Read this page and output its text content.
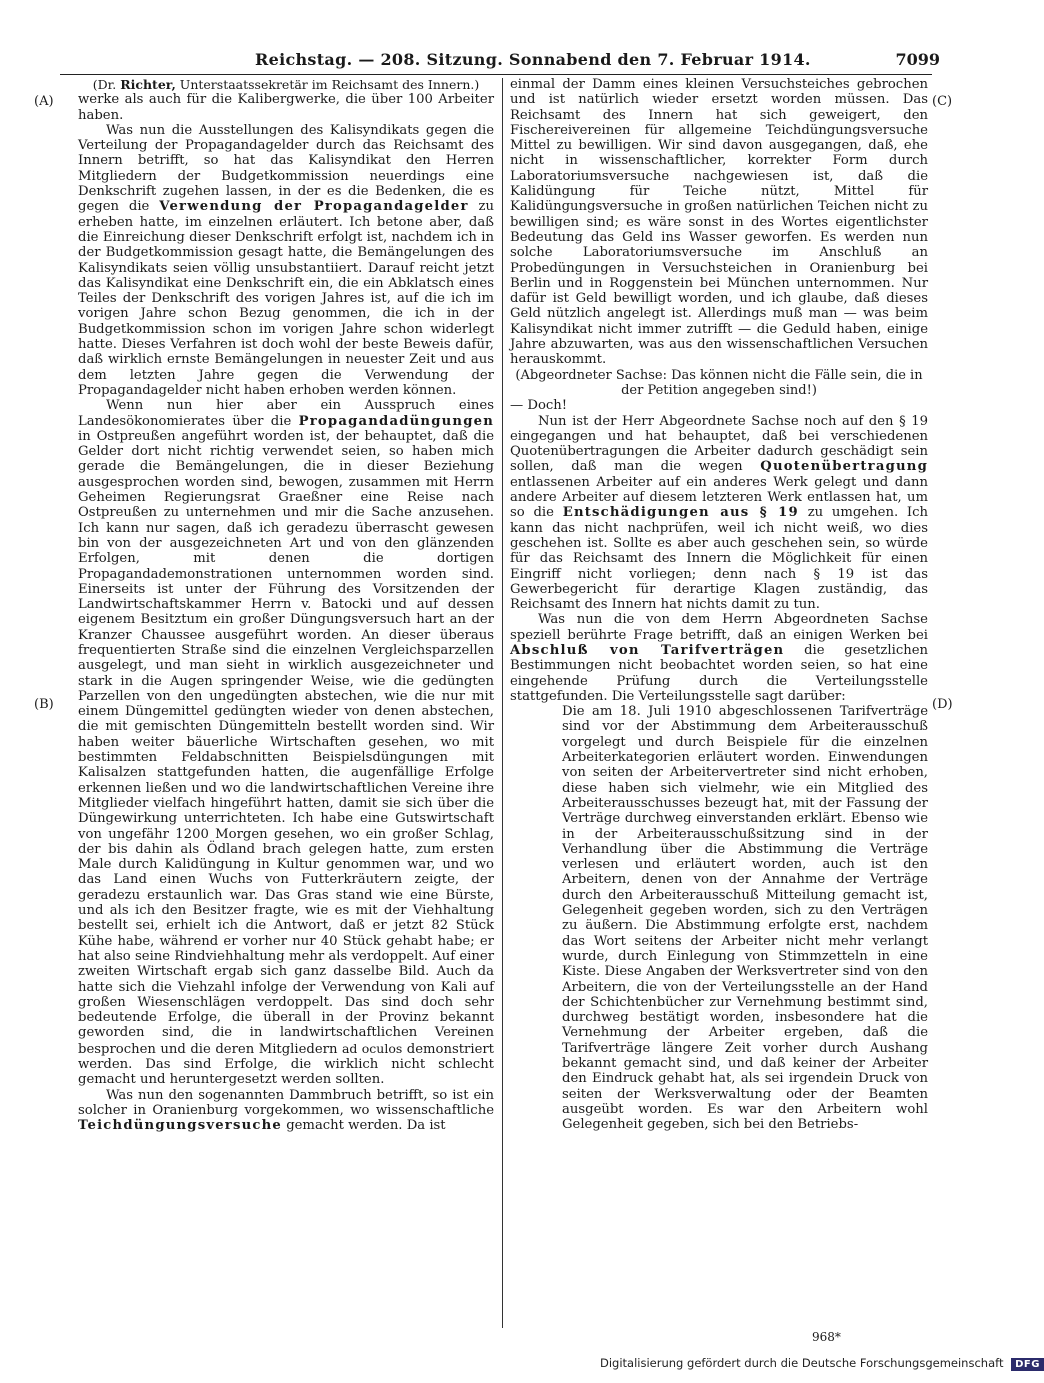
Reichstag. — 208. Sitzung. Sonnabend den 7. Februar 1914.	7099
(A)
(B)
(C)
(D)

(Dr. Richter, Unterstaatssekretär im Reichsamt des Innern.)

werke als auch für die Kalibergwerke, die über 100 Arbeiter haben.

Was nun die Ausstellungen des Kalisyndikats gegen die Verteilung der Propagandagelder durch das Reichsamt des Innern betrifft, so hat das Kalisyndikat den Herren Mitgliedern der Budgetkommission neuerdings eine Denkschrift zugehen lassen, in der es die Bedenken, die es gegen die Verwendung der Propagandagelder zu erheben hatte, im einzelnen erläutert. Ich betone aber, daß die Einreichung dieser Denkschrift erfolgt ist, nachdem ich in der Budgetkommission gesagt hatte, die Bemängelungen des Kalisyndikats seien völlig unsubstantiiert. Darauf reicht jetzt das Kalisyndikat eine Denkschrift ein, die ein Abklatsch eines Teiles der Denkschrift des vorigen Jahres ist, auf die ich im vorigen Jahre schon Bezug genommen, die ich in der Budgetkommission schon im vorigen Jahre schon widerlegt hatte. Dieses Verfahren ist doch wohl der beste Beweis dafür, daß wirklich ernste Bemängelungen in neuester Zeit und aus dem letzten Jahre gegen die Verwendung der Propagandagelder nicht haben erhoben werden können.

Wenn nun hier aber ein Ausspruch eines Landesökonomierates über die Propagandadüngungen in Ostpreußen angeführt worden ist, der behauptet, daß die Gelder dort nicht richtig verwendet seien, so haben mich gerade die Bemängelungen, die in dieser Beziehung ausgesprochen worden sind, bewogen, zusammen mit Herrn Geheimen Regierungsrat Graeßner eine Reise nach Ostpreußen zu unternehmen und mir die Sache anzusehen. Ich kann nur sagen, daß ich geradezu überrascht gewesen bin von der ausgezeichneten Art und von den glänzenden Erfolgen, mit denen die dortigen Propagandademonstrationen unternommen worden sind. Einerseits ist unter der Führung des Vorsitzenden der Landwirtschaftskammer Herrn v. Batocki und auf dessen eigenem Besitztum ein großer Düngungsversuch hart an der Kranzer Chaussee ausgeführt worden. An dieser überaus frequentierten Straße sind die einzelnen Vergleichsparzellen ausgelegt, und man sieht in wirklich ausgezeichneter und stark in die Augen springender Weise, wie die gedüngten Parzellen von den ungedüngten abstechen, wie die nur mit einem Düngemittel gedüngten wieder von denen abstechen, die mit gemischten Düngemitteln bestellt worden sind. Wir haben weiter bäuerliche Wirtschaften gesehen, wo mit bestimmten Feldabschnitten Beispielsdüngungen mit Kalisalzen stattgefunden hatten, die augenfällige Erfolge erkennen ließen und wo die landwirtschaftlichen Vereine ihre Mitglieder vielfach hingeführt hatten, damit sie sich über die Düngewirkung unterrichteten. Ich habe eine Gutswirtschaft von ungefähr 1200 Morgen gesehen, wo ein großer Schlag, der bis dahin als Ödland brach gelegen hatte, zum ersten Male durch Kalidüngung in Kultur genommen war, und wo das Land einen Wuchs von Futterkräutern zeigte, der geradezu erstaunlich war. Das Gras stand wie eine Bürste, und als ich den Besitzer fragte, wie es mit der Viehhaltung bestellt sei, erhielt ich die Antwort, daß er jetzt 82 Stück Kühe habe, während er vorher nur 40 Stück gehabt habe; er hat also seine Rindviehhaltung mehr als verdoppelt. Auf einer zweiten Wirtschaft ergab sich ganz dasselbe Bild. Auch da hatte sich die Viehzahl infolge der Verwendung von Kali auf großen Wiesenschlägen verdoppelt. Das sind doch sehr bedeutende Erfolge, die überall in der Provinz bekannt geworden sind, die in landwirtschaftlichen Vereinen besprochen und die deren Mitgliedern ad oculos demonstriert werden. Das sind Erfolge, die wirklich nicht schlecht gemacht und heruntergesetzt werden sollten.

Was nun den sogenannten Dammbruch betrifft, so ist ein solcher in Oranienburg vorgekommen, wo wissenschaftliche Teichdüngungsversuche gemacht werden. Da ist

einmal der Damm eines kleinen Versuchsteiches gebrochen und ist natürlich wieder ersetzt worden müssen. Das Reichsamt des Innern hat sich geweigert, den Fischereivereinen für allgemeine Teichdüngungsversuche Mittel zu bewilligen. Wir sind davon ausgegangen, daß, ehe nicht in wissenschaftlicher, korrekter Form durch Laboratoriumsversuche nachgewiesen ist, daß die Kalidüngung für Teiche nützt, Mittel für Kalidüngungsversuche in großen natürlichen Teichen nicht zu bewilligen sind; es wäre sonst in des Wortes eigentlichster Bedeutung das Geld ins Wasser geworfen. Es werden nun solche Laboratoriumsversuche im Anschluß an Probedüngungen in Versuchsteichen in Oranienburg bei Berlin und in Roggenstein bei München unternommen. Nur dafür ist Geld bewilligt worden, und ich glaube, daß dieses Geld nützlich angelegt ist. Allerdings muß man — was beim Kalisyndikat nicht immer zutrifft — die Geduld haben, einige Jahre abzuwarten, was aus den wissenschaftlichen Versuchen herauskommt.

(Abgeordneter Sachse: Das können nicht die Fälle sein, die in der Petition angegeben sind!)

— Doch!

Nun ist der Herr Abgeordnete Sachse noch auf den § 19 eingegangen und hat behauptet, daß bei verschiedenen Quotenübertragungen die Arbeiter dadurch geschädigt sein sollen, daß man die wegen Quotenübertragung entlassenen Arbeiter auf ein anderes Werk gelegt und dann andere Arbeiter auf diesem letzteren Werk entlassen hat, um so die Entschädigungen aus § 19 zu umgehen. Ich kann das nicht nachprüfen, weil ich nicht weiß, wo dies geschehen ist. Sollte es aber auch geschehen sein, so würde für das Reichsamt des Innern die Möglichkeit für einen Eingriff nicht vorliegen; denn nach § 19 ist das Gewerbegericht für derartige Klagen zuständig, das Reichsamt des Innern hat nichts damit zu tun.

Was nun die von dem Herrn Abgeordneten Sachse speziell berührte Frage betrifft, daß an einigen Werken bei Abschluß von Tarifverträgen die gesetzlichen Bestimmungen nicht beobachtet worden seien, so hat eine eingehende Prüfung durch die Verteilungsstelle stattgefunden. Die Verteilungsstelle sagt darüber:

Die am 18. Juli 1910 abgeschlossenen Tarifverträge sind vor der Abstimmung dem Arbeiterausschuß vorgelegt und durch Beispiele für die einzelnen Arbeiterkategorien erläutert worden. Einwendungen von seiten der Arbeitervertreter sind nicht erhoben, diese haben sich vielmehr, wie ein Mitglied des Arbeiterausschusses bezeugt hat, mit der Fassung der Verträge durchweg einverstanden erklärt. Ebenso wie in der Arbeiterausschußsitzung sind in der Verhandlung über die Abstimmung die Verträge verlesen und erläutert worden, auch ist den Arbeitern, denen von der Annahme der Verträge durch den Arbeiterausschuß Mitteilung gemacht ist, Gelegenheit gegeben worden, sich zu den Verträgen zu äußern. Die Abstimmung erfolgte erst, nachdem das Wort seitens der Arbeiter nicht mehr verlangt wurde, durch Einlegung von Stimmzetteln in eine Kiste. Diese Angaben der Werksvertreter sind von den Arbeitern, die von der Verteilungsstelle an der Hand der Schichtenbücher zur Vernehmung bestimmt sind, durchweg bestätigt worden, insbesondere hat die Vernehmung der Arbeiter ergeben, daß die Tarifverträge längere Zeit vorher durch Aushang bekannt gemacht sind, und daß keiner der Arbeiter den Eindruck gehabt hat, als sei irgendein Druck von seiten der Werksverwaltung oder der Beamten ausgeübt worden. Es war den Arbeitern wohl Gelegenheit gegeben, sich bei den Betriebs-

968*
Digitalisierung gefördert durch die Deutsche Forschungsgemeinschaft DFG
